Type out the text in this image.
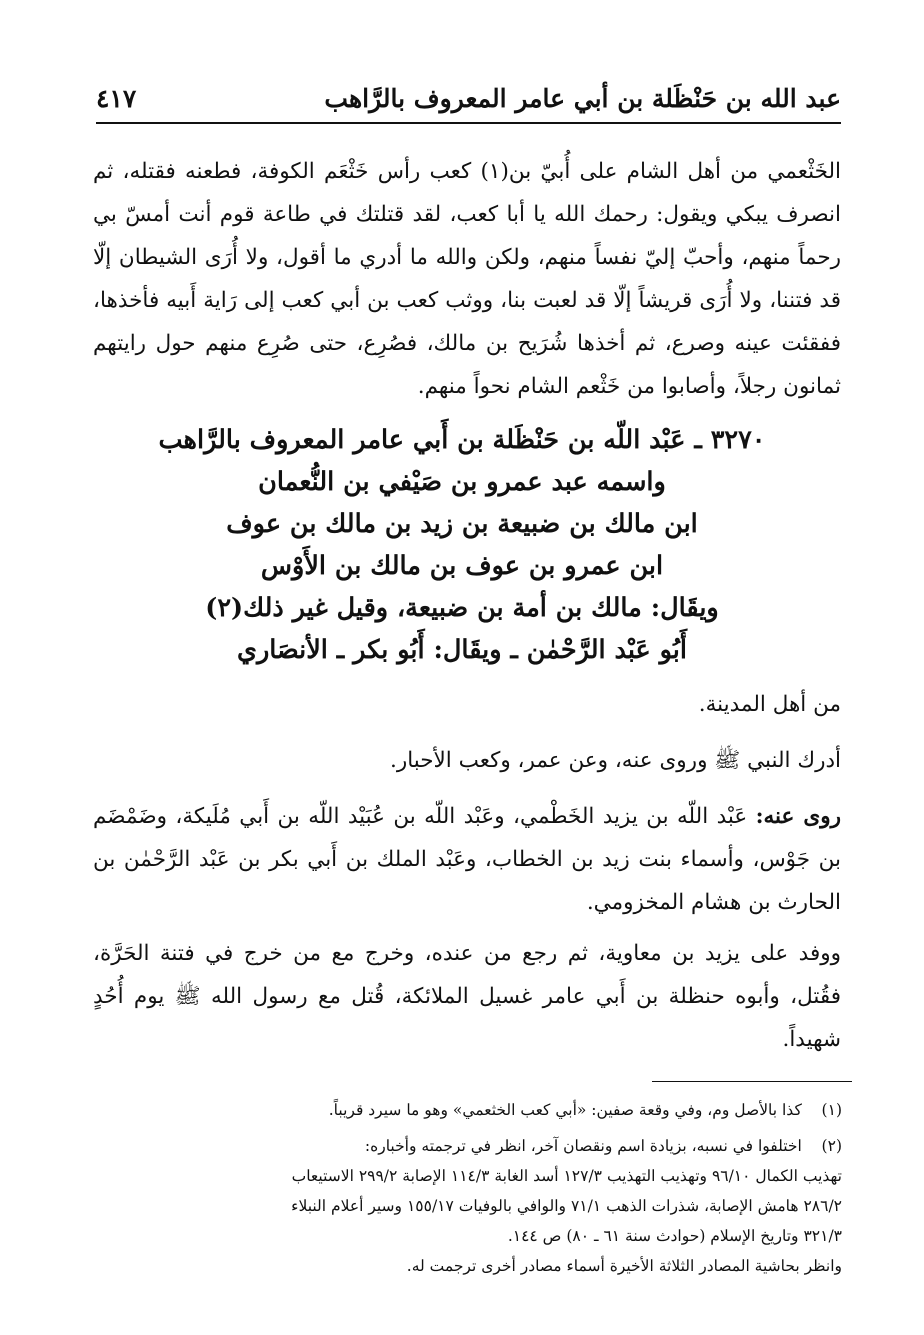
عبد الله بن حَنْظَلة بن أبي عامر المعروف بالرَّاهب
٤١٧
الخَثْعمي من أهل الشام على أُبيّ بن(١) كعب رأس خَثْعَم الكوفة، فطعنه فقتله، ثم انصرف يبكي ويقول: رحمك الله يا أبا كعب، لقد قتلتك في طاعة قوم أنت أمسّ بي رحماً منهم، وأحبّ إليّ نفساً منهم، ولكن والله ما أدري ما أقول، ولا أُرَى الشيطان إلّا قد فتننا، ولا أُرَى قريشاً إلّا قد لعبت بنا، ووثب كعب بن أبي كعب إلى رَاية أَبيه فأخذها، ففقئت عينه وصرع، ثم أخذها شُرَيح بن مالك، فصُرِع، حتى صُرِع منهم حول رايتهم ثمانون رجلاً، وأصابوا من خَثْعم الشام نحواً منهم.
٣٢٧٠ ـ عَبْد اللّه بن حَنْظَلة بن أَبي عامر المعروف بالرَّاهب
واسمه عبد عمرو بن صَيْفي بن النُّعمان
ابن مالك بن ضبيعة بن زيد بن مالك بن عوف
ابن عمرو بن عوف بن مالك بن الأَوْس
ويقَال: مالك بن أمة بن ضبيعة، وقيل غير ذلك(٢)
أَبُو عَبْد الرَّحْمٰن ـ ويقَال: أَبُو بكر ـ الأنصَاري
من أهل المدينة.
أدرك النبي ﷺ وروى عنه، وعن عمر، وكعب الأحبار.
روى عنه: عَبْد اللّه بن يزيد الخَطْمي، وعَبْد اللّه بن عُبَيْد اللّه بن أَبي مُلَيكة، وضَمْضَم بن جَوْس، وأسماء بنت زيد بن الخطاب، وعَبْد الملك بن أَبي بكر بن عَبْد الرَّحْمٰن بن الحارث بن هشام المخزومي.
ووفد على يزيد بن معاوية، ثم رجع من عنده، وخرج مع من خرج في فتنة الحَرَّة، فقُتل، وأبوه حنظلة بن أَبي عامر غسيل الملائكة، قُتل مع رسول الله ﷺ يوم أُحُدٍ شهيداً.
(١)    كذا بالأصل وم، وفي وقعة صفين: «أبي كعب الخثعمي» وهو ما سيرد قريباً.
(٢)    اختلفوا في نسبه، بزيادة اسم ونقصان آخر، انظر في ترجمته وأخباره:
تهذيب الكمال ٩٦/١٠ وتهذيب التهذيب ١٢٧/٣ أسد الغابة ١١٤/٣ الإصابة ٢٩٩/٢ الاستيعاب
٢٨٦/٢ هامش الإصابة، شذرات الذهب ٧١/١ والوافي بالوفيات ١٥٥/١٧ وسير أعلام النبلاء
٣٢١/٣ وتاريخ الإسلام (حوادث سنة ٦١ ـ ٨٠) ص ١٤٤.
وانظر بحاشية المصادر الثلاثة الأخيرة أسماء مصادر أخرى ترجمت له.
